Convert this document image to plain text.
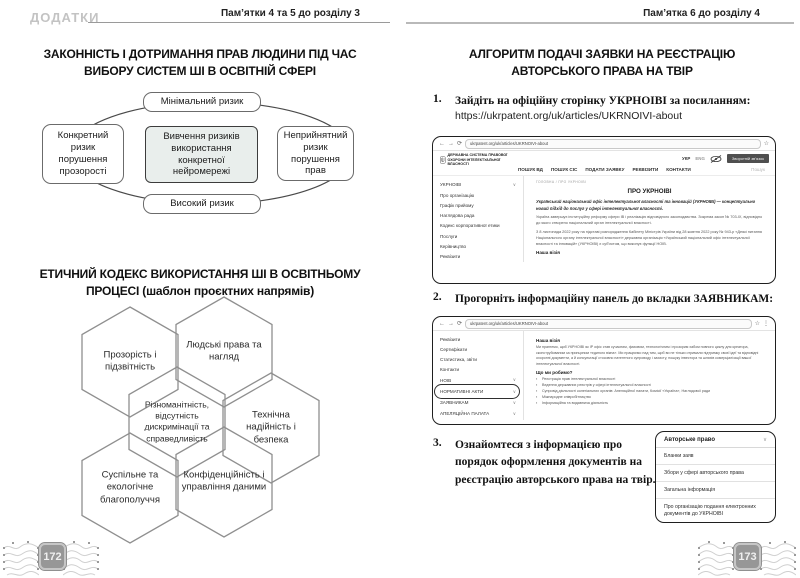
ДОДАТКИ	Пам’ятки 4 та 5 до розділу 3
ЗАКОННІСТЬ І ДОТРИМАННЯ ПРАВ ЛЮДИНИ ПІД ЧАС ВИБОРУ СИСТЕМ ШІ В ОСВІТНІЙ СФЕРІ
Мінімальний ризик
Конкретний ризик порушення прозорості
Вивчення ризиків використання конкретної нейромережі
Неприйнятний ризик порушення прав
Високий ризик
ЕТИЧНИЙ КОДЕКС ВИКОРИСТАННЯ ШІ В ОСВІТНЬОМУ ПРОЦЕСІ (шаблон проєктних напрямів)
Прозорість і підзвітність
Людські права та нагляд
Різноманітність, відсутність дискримінації та справедливість
Технічна надійність і безпека
Суспільне та екологічне благополуччя
Конфіденційність і управління даними
172
Пам’ятка 6 до розділу 4
АЛГОРИТМ ПОДАЧІ ЗАЯВКИ НА РЕЄСТРАЦІЮ АВТОРСЬКОГО ПРАВА НА ТВІР
1. Зайдіть на офіційну сторінку УКРНОІВІ за посиланням:
https://ukrpatent.org/uk/articles/UKRNOIVI-about
← → ⟳	ukrpatent.org/uk/articles/UKRNOIVI-about	☆
ДЕРЖАВНА СИСТЕМА ПРАВОВОЇ ОХОРОНИ ІНТЕЛЕКТУАЛЬНОЇ ВЛАСНОСТІ
УКР ENG	Зворотній зв’язок
ПОШУК ВД ПОШУК СІС ПОДАТИ ЗАЯВКУ РЕКВІЗИТИ КОНТАКТИ	Пошук
УКРНОІВІ	∨
Про організацію
Графік прийому
Наглядова рада
Кодекс корпоративної етики
Послуги
Керівництво
Реквізити
ГОЛОВНА / ПРО УКРНОІВІ
ПРО УКРНОІВІ

Український національний офіс інтелектуальної власності та інновацій (УКРНОІВІ) — концептуально новий підхід до послуг у сфері інтелектуальної власності.

Україна завершує інституційну реформу сфери ІВ і реалізацію відповідного законодавства. Зокрема закон № 703-ІХ, відповідно до якого створено національний орган інтелектуальної власності.

З 8 листопада 2022 року на підставі розпорядження Кабінету Міністрів України від 28 жовтня 2022 року № 943-р «Деякі питання Національного органу інтелектуальної власності» державна організація «Український національний офіс інтелектуальної власності та інновацій» (УКРНОІВІ) є суб’єктом, що виконує функції НОІВ.

Наша візія
2. Прогорніть інформаційну панель до вкладки ЗАЯВНИКАМ:
← → ⟳	ukrpatent.org/uk/articles/UKRNOIVI-about	☆ ⋮
Реквізити
Сертифікати
Статистика, звіти
Контакти
НОІВ	∨
НОРМАТИВНІ АКТИ	∨
ЗАЯВНИКАМ	∨
АПЕЛЯЦІЙНА ПАЛАТА	∨
Наша візія

Ми прагнемо, щоб УКРНОІВІ як ІР офіс став сучасним, фаховим, технологічним і прозорим хабом повного циклу для креатора, сконструйованим за принципом «єдиного вікна». Ми працюємо над тим, щоб ви не тільки отримали підтримку своєї ідеї та відповідні охоронні документи, а й консультації стосовно патентного супроводу і захисту, пошуку інвестора та шляхів комерціалізації вашої інтелектуальної власності.

Що ми робимо?
▪ Реєстрація прав інтелектуальної власності
▪ Ведення державних реєстрів у сфері інтелектуальної власності
▪ Супровід діяльності колегіальних органів: Апеляційної палати, Комісії «Україна», Наглядової ради
▪ Міжнародне співробітництво
▪ Інформаційна та видавнича діяльність
3. Ознайомтеся з інформацією про порядок оформлення документів на реєстрацію авторського права на твір.
Авторське право	∨
Бланки заяв
Збори у сфері авторського права
Загальна інформація
Про організацію подання електронних документів до УКРНОІВІ
173
